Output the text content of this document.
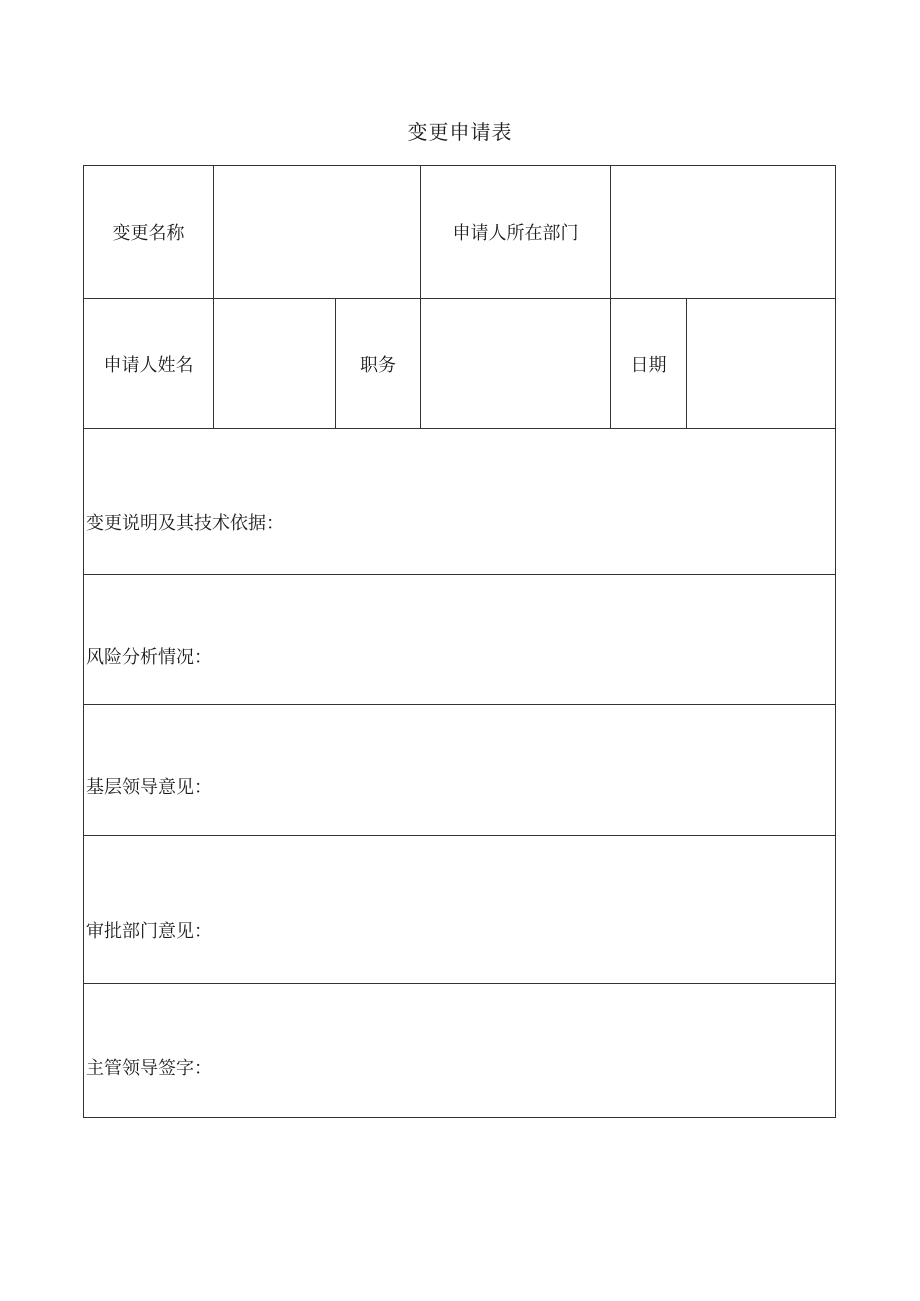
变更申请表
变更名称			申请人所在部门		

申请人姓名		职务		日期	

变更说明及其技术依据：					

风险分析情况：					

基层领导意见：					

审批部门意见：					

主管领导签字：					
